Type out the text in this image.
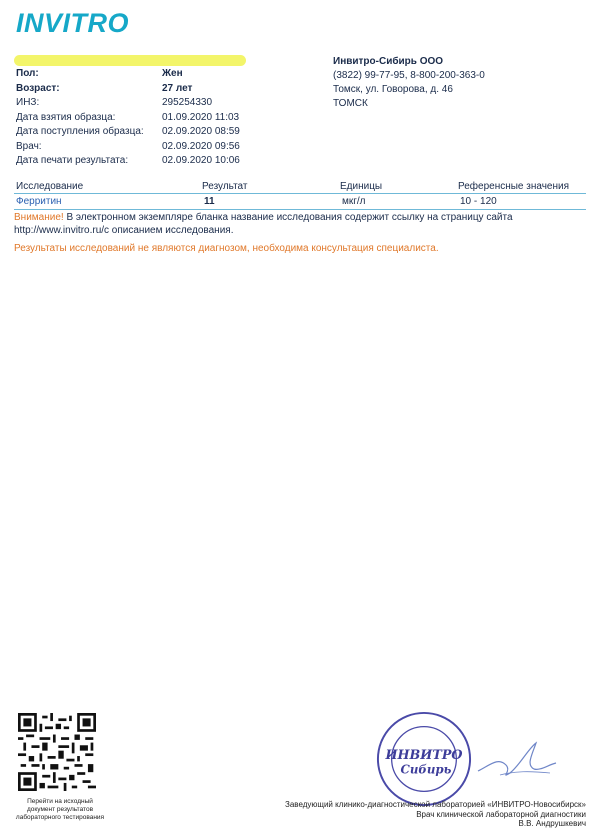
INVITRO
Пол:	Жен
Возраст:	27 лет
ИНЗ:	295254330
Дата взятия образца:	01.09.2020 11:03
Дата поступления образца:	02.09.2020 08:59
Врач:	02.09.2020 09:56
Дата печати результата:	02.09.2020 10:06
Инвитро-Сибирь ООО
(3822) 99-77-95, 8-800-200-363-0
Томск, ул. Говорова, д. 46
ТОМСК
Исследование	Результат	Единицы	Референсные значения
Ферритин	11	мкг/л	10 - 120
Внимание! В электронном экземпляре бланка название исследования содержит ссылку на страницу сайта
http://www.invitro.ru/c описанием исследования.
Результаты исследований не являются диагнозом, необходима консультация специалиста.
Перейти на исходный
документ результатов
лабораторного тестирования
ИНВИТРО
Сибирь
Заведующий клинико-диагностической лабораторией «ИНВИТРО-Новосибирск»
Врач клинической лабораторной диагностики
В.В. Андрушкевич
